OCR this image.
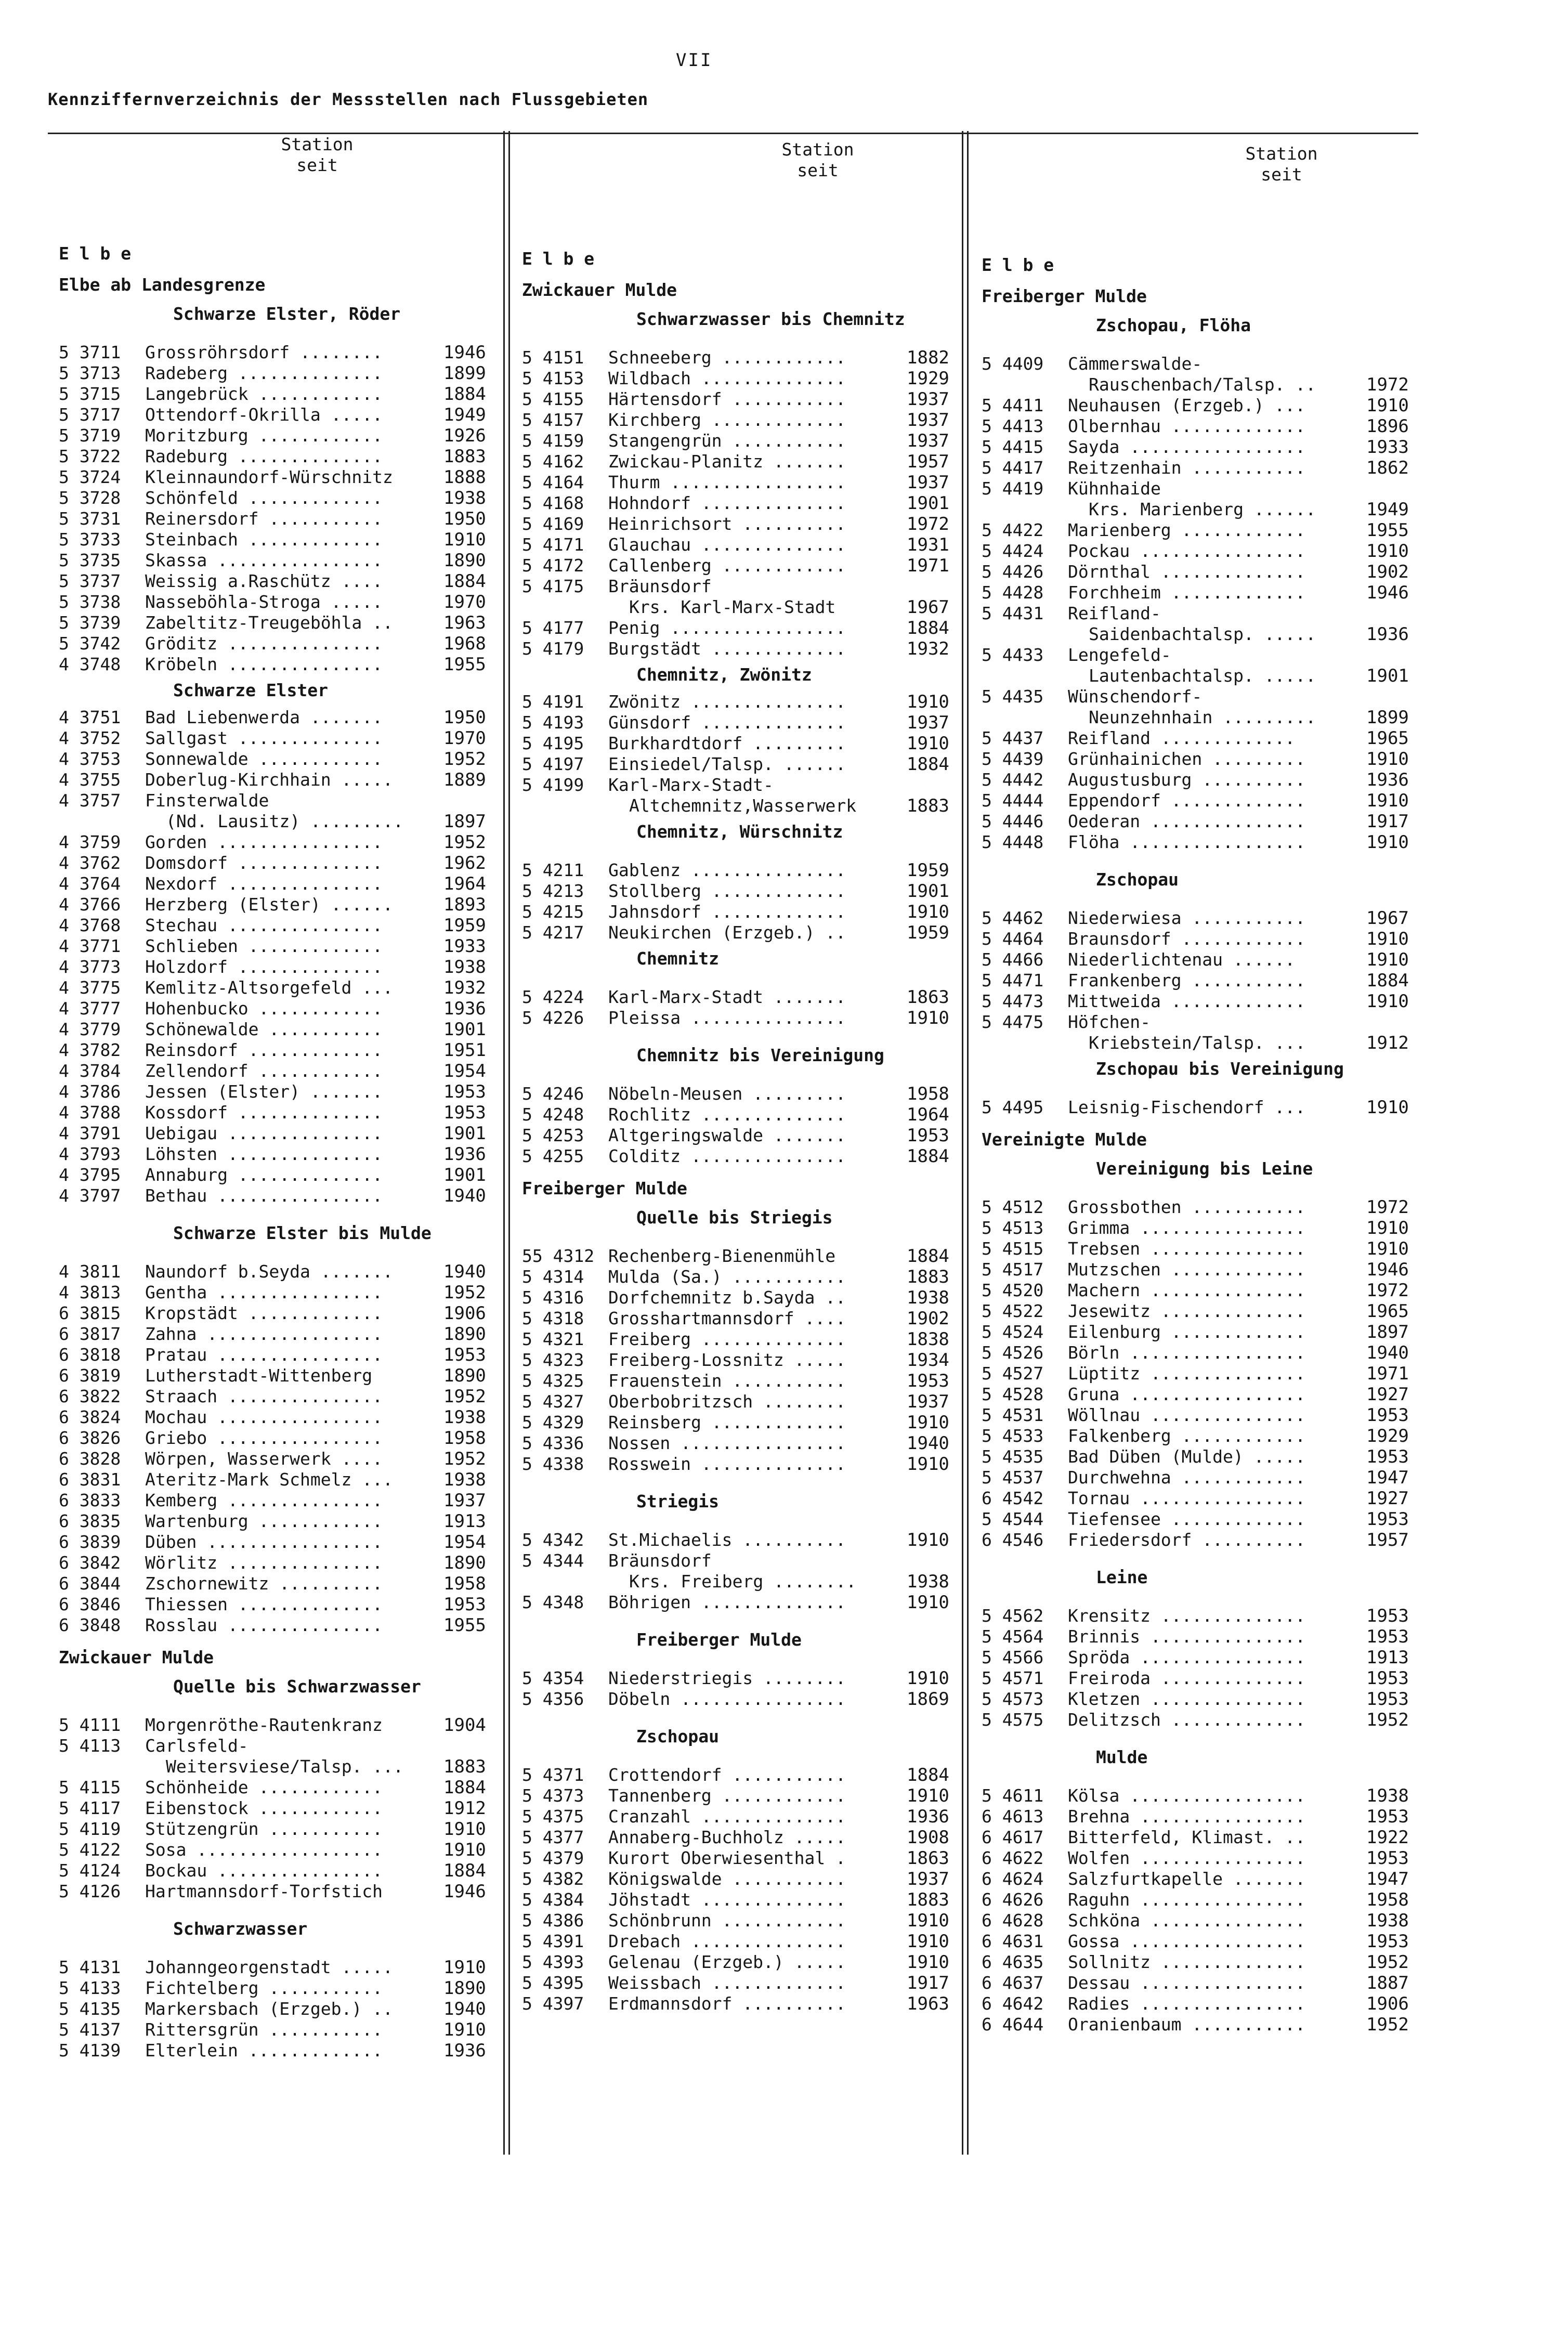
VII
Kennziffernverzeichnis der Messstellen nach Flussgebieten
Station
seit
E l b e
Elbe ab Landesgrenze
Schwarze Elster, Röder
5 3711 Grossröhrsdorf ........	1946
5 3713 Radeberg ..............	1899
5 3715 Langebrück ............	1884
5 3717 Ottendorf-Okrilla .....	1949
5 3719 Moritzburg ............	1926
5 3722 Radeburg ..............	1883
5 3724 Kleinnaundorf-Würschnitz	1888
5 3728 Schönfeld .............	1938
5 3731 Reinersdorf ...........	1950
5 3733 Steinbach .............	1910
5 3735 Skassa ................	1890
5 3737 Weissig a.Raschütz ....	1884
5 3738 Nasseböhla-Stroga .....	1970
5 3739 Zabeltitz-Treugeböhla ..	1963
5 3742 Gröditz ...............	1968
4 3748 Kröbeln ...............	1955
Schwarze Elster
4 3751 Bad Liebenwerda .......	1950
4 3752 Sallgast ..............	1970
4 3753 Sonnewalde ............	1952
4 3755 Doberlug-Kirchhain .....	1889
4 3757 Finsterwalde
(Nd. Lausitz) ......... 1897
4 3759 Gorden ................	1952
4 3762 Domsdorf ..............	1962
4 3764 Nexdorf ...............	1964
4 3766 Herzberg (Elster) ......	1893
4 3768 Stechau ...............	1959
4 3771 Schlieben .............	1933
4 3773 Holzdorf ..............	1938
4 3775 Kemlitz-Altsorgefeld ...	1932
4 3777 Hohenbucko ............	1936
4 3779 Schönewalde ...........	1901
4 3782 Reinsdorf .............	1951
4 3784 Zellendorf ............	1954
4 3786 Jessen (Elster) .......	1953
4 3788 Kossdorf ..............	1953
4 3791 Uebigau ...............	1901
4 3793 Löhsten ...............	1936
4 3795 Annaburg ..............	1901
4 3797 Bethau ................	1940
Schwarze Elster bis Mulde
4 3811 Naundorf b.Seyda .......	1940
4 3813 Gentha ................	1952
6 3815 Kropstädt .............	1906
6 3817 Zahna .................	1890
6 3818 Pratau ................	1953
6 3819 Lutherstadt-Wittenberg	1890
6 3822 Straach ...............	1952
6 3824 Mochau ................	1938
6 3826 Griebo ................	1958
6 3828 Wörpen, Wasserwerk ....	1952
6 3831 Ateritz-Mark Schmelz ...	1938
6 3833 Kemberg ...............	1937
6 3835 Wartenburg ............	1913
6 3839 Düben .................	1954
6 3842 Wörlitz ...............	1890
6 3844 Zschornewitz ..........	1958
6 3846 Thiessen ..............	1953
6 3848 Rosslau ...............	1955
Zwickauer Mulde
Quelle bis Schwarzwasser
5 4111 Morgenröthe-Rautenkranz	1904
5 4113 Carlsfeld-
Weitersviese/Talsp. ... 1883
5 4115 Schönheide ............	1884
5 4117 Eibenstock ............	1912
5 4119 Stützengrün ...........	1910
5 4122 Sosa ..................	1910
5 4124 Bockau ................	1884
5 4126 Hartmannsdorf-Torfstich	1946
Schwarzwasser
5 4131 Johanngeorgenstadt .....	1910
5 4133 Fichtelberg ...........	1890
5 4135 Markersbach (Erzgeb.) ..	1940
5 4137 Rittersgrün ...........	1910
5 4139 Elterlein .............	1936
Station
seit
E l b e
Zwickauer Mulde
Schwarzwasser bis Chemnitz
5 4151 Schneeberg ............	1882
5 4153 Wildbach ..............	1929
5 4155 Härtensdorf ...........	1937
5 4157 Kirchberg .............	1937
5 4159 Stangengrün ...........	1937
5 4162 Zwickau-Planitz .......	1957
5 4164 Thurm .................	1937
5 4168 Hohndorf ..............	1901
5 4169 Heinrichsort ..........	1972
5 4171 Glauchau ..............	1931
5 4172 Callenberg ............	1971
5 4175 Bräunsdorf
Krs. Karl-Marx-Stadt	1967
5 4177 Penig .................	1884
5 4179 Burgstädt .............	1932
Chemnitz, Zwönitz
5 4191 Zwönitz ...............	1910
5 4193 Günsdorf ..............	1937
5 4195 Burkhardtdorf .........	1910
5 4197 Einsiedel/Talsp. ......	1884
5 4199 Karl-Marx-Stadt-
Altchemnitz,Wasserwerk	1883
Chemnitz, Würschnitz
5 4211 Gablenz ...............	1959
5 4213 Stollberg .............	1901
5 4215 Jahnsdorf .............	1910
5 4217 Neukirchen (Erzgeb.) ..	1959
Chemnitz
5 4224 Karl-Marx-Stadt .......	1863
5 4226 Pleissa ...............	1910
Chemnitz bis Vereinigung
5 4246 Nöbeln-Meusen .........	1958
5 4248 Rochlitz ..............	1964
5 4253 Altgeringswalde .......	1953
5 4255 Colditz ...............	1884
Freiberger Mulde
Quelle bis Striegis
55 4312 Rechenberg-Bienenmühle	1884
5 4314 Mulda (Sa.) ...........	1883
5 4316 Dorfchemnitz b.Sayda ..	1938
5 4318 Grosshartmannsdorf ....	1902
5 4321 Freiberg ..............	1838
5 4323 Freiberg-Lossnitz .....	1934
5 4325 Frauenstein ...........	1953
5 4327 Oberbobritzsch ........	1937
5 4329 Reinsberg .............	1910
5 4336 Nossen ................	1940
5 4338 Rosswein ..............	1910
Striegis
5 4342 St.Michaelis ..........	1910
5 4344 Bräunsdorf
Krs. Freiberg ........	1938
5 4348 Böhrigen ..............	1910
Freiberger Mulde
5 4354 Niederstriegis ........	1910
5 4356 Döbeln ................	1869
Zschopau
5 4371 Crottendorf ...........	1884
5 4373 Tannenberg ............	1910
5 4375 Cranzahl ..............	1936
5 4377 Annaberg-Buchholz .....	1908
5 4379 Kurort Oberwiesenthal .	1863
5 4382 Königswalde ...........	1937
5 4384 Jöhstadt ..............	1883
5 4386 Schönbrunn ............	1910
5 4391 Drebach ...............	1910
5 4393 Gelenau (Erzgeb.) .....	1910
5 4395 Weissbach .............	1917
5 4397 Erdmannsdorf ..........	1963
Station
seit
E l b e
Freiberger Mulde
Zschopau, Flöha
5 4409 Cämmerswalde-
Rauschenbach/Talsp. ..	1972
5 4411 Neuhausen (Erzgeb.) ...	1910
5 4413 Olbernhau .............	1896
5 4415 Sayda .................	1933
5 4417 Reitzenhain ...........	1862
5 4419 Kühnhaide
Krs. Marienberg ......	1949
5 4422 Marienberg ............	1955
5 4424 Pockau ................	1910
5 4426 Dörnthal ..............	1902
5 4428 Forchheim .............	1946
5 4431 Reifland-
Saidenbachtalsp. .....	1936
5 4433 Lengefeld-
Lautenbachtalsp. .....	1901
5 4435 Wünschendorf-
Neunzehnhain .........	1899
5 4437 Reifland .............	1965
5 4439 Grünhainichen .........	1910
5 4442 Augustusburg ..........	1936
5 4444 Eppendorf .............	1910
5 4446 Oederan ...............	1917
5 4448 Flöha .................	1910
Zschopau
5 4462 Niederwiesa ...........	1967
5 4464 Braunsdorf ............	1910
5 4466 Niederlichtenau ......	1910
5 4471 Frankenberg ...........	1884
5 4473 Mittweida .............	1910
5 4475 Höfchen-
Kriebstein/Talsp. ...	1912
Zschopau bis Vereinigung
5 4495 Leisnig-Fischendorf ...	1910
Vereinigte Mulde
Vereinigung bis Leine
5 4512 Grossbothen ...........	1972
5 4513 Grimma ................	1910
5 4515 Trebsen ...............	1910
5 4517 Mutzschen .............	1946
5 4520 Machern ...............	1972
5 4522 Jesewitz ..............	1965
5 4524 Eilenburg .............	1897
5 4526 Börln .................	1940
5 4527 Lüptitz ...............	1971
5 4528 Gruna .................	1927
5 4531 Wöllnau ...............	1953
5 4533 Falkenberg ............	1929
5 4535 Bad Düben (Mulde) .....	1953
5 4537 Durchwehna ............	1947
6 4542 Tornau ................	1927
5 4544 Tiefensee .............	1953
6 4546 Friedersdorf ..........	1957
Leine
5 4562 Krensitz ..............	1953
5 4564 Brinnis ...............	1953
5 4566 Spröda ................	1913
5 4571 Freiroda ..............	1953
5 4573 Kletzen ...............	1953
5 4575 Delitzsch .............	1952
Mulde
5 4611 Kölsa .................	1938
6 4613 Brehna ................	1953
6 4617 Bitterfeld, Klimast. ..	1922
6 4622 Wolfen ................	1953
6 4624 Salzfurtkapelle .......	1947
6 4626 Raguhn ................	1958
6 4628 Schköna ...............	1938
6 4631 Gossa .................	1953
6 4635 Sollnitz ..............	1952
6 4637 Dessau ................	1887
6 4642 Radies ................	1906
6 4644 Oranienbaum ...........	1952
